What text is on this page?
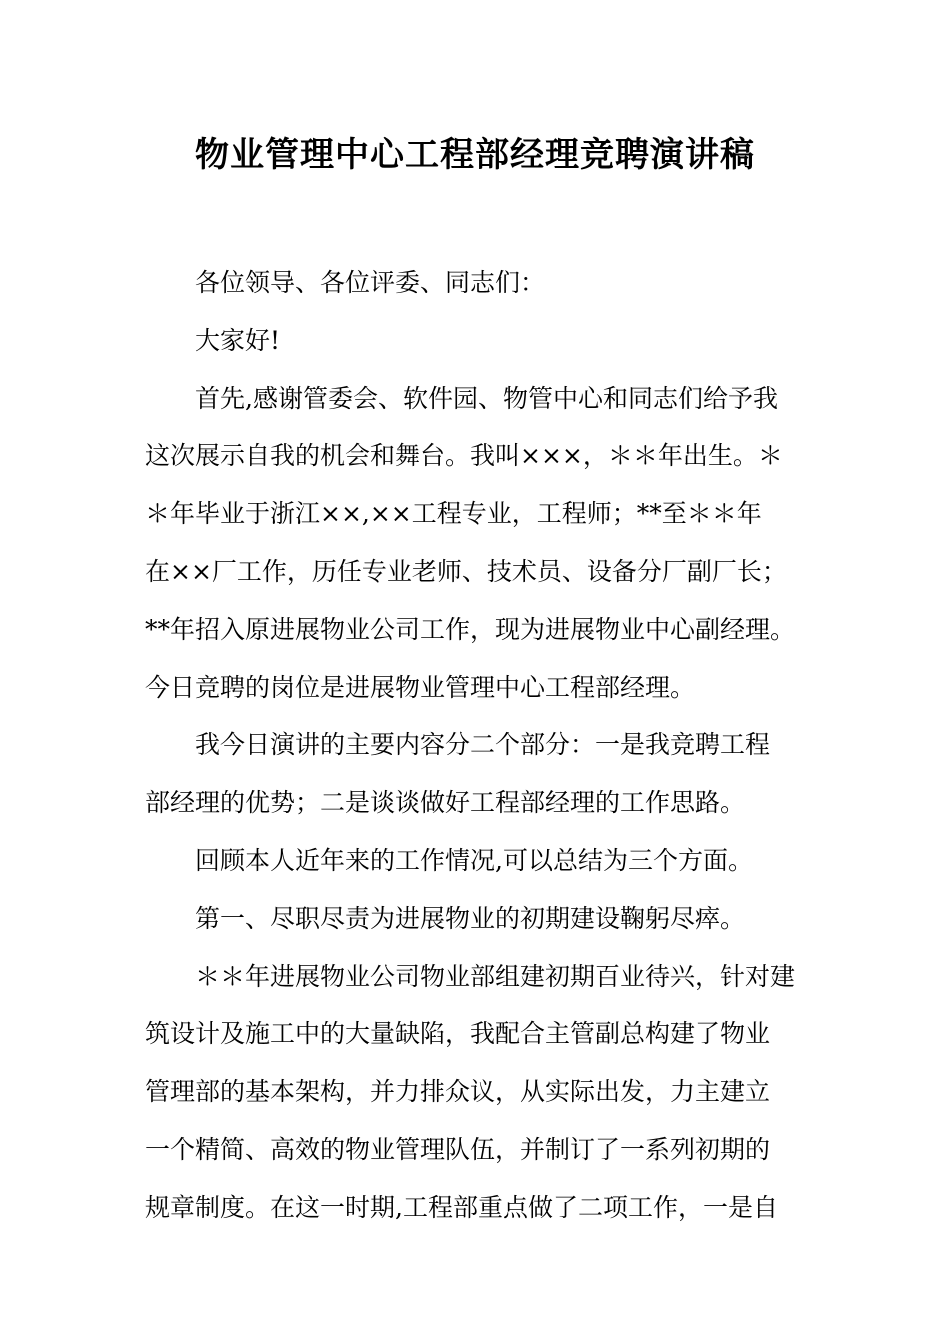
物业管理中心工程部经理竞聘演讲稿
各位领导、各位评委、同志们：
大家好!
首先,感谢管委会、软件园、物管中心和同志们给予我
这次展示自我的机会和舞台。我叫×××，＊＊年出生。＊
＊年毕业于浙江××,××工程专业，工程师；**至＊＊年
在××厂工作，历任专业老师、技术员、设备分厂副厂长；
**年招入原进展物业公司工作，现为进展物业中心副经理。
今日竞聘的岗位是进展物业管理中心工程部经理。
我今日演讲的主要内容分二个部分：一是我竞聘工程
部经理的优势；二是谈谈做好工程部经理的工作思路。
回顾本人近年来的工作情况,可以总结为三个方面。
第一、尽职尽责为进展物业的初期建设鞠躬尽瘁。
＊＊年进展物业公司物业部组建初期百业待兴，针对建
筑设计及施工中的大量缺陷，我配合主管副总构建了物业
管理部的基本架构，并力排众议，从实际出发，力主建立
一个精简、高效的物业管理队伍，并制订了一系列初期的
规章制度。在这一时期,工程部重点做了二项工作，一是自
